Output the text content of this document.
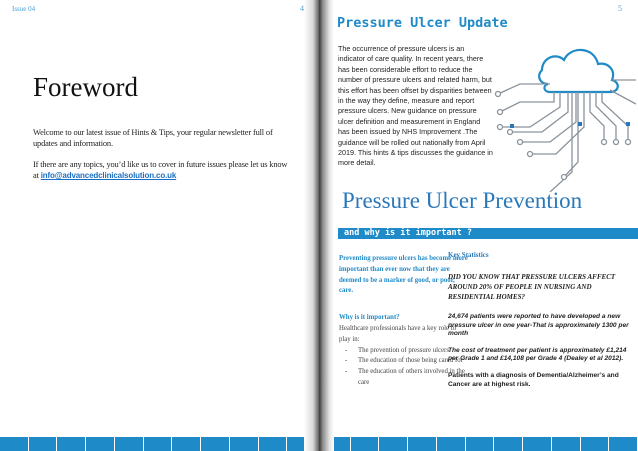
Issue 04	4
Foreword

Welcome to our latest issue of Hints & Tips, your regular newsletter full of updates and information.

If there are any topics, you’d like us to cover in future issues please let us know at info@advancedclinicalsolution.co.uk

5
Pressure Ulcer Update
The occurrence of pressure ulcers is an indicator of care quality. In recent years, there has been considerable effort to reduce the number of pressure ulcers and related harm, but this effort has been offset by disparities between in the way they define, measure and report pressure ulcers. New guidance on pressure ulcer definition and measurement in England has been issued by NHS Improvement .The guidance will be rolled out nationally from April 2019. This hints & tips discusses the guidance in more detail.
Pressure Ulcer Prevention
and why is it important ?
Preventing pressure ulcers has become more important than ever now that they are deemed to be a marker of good, or poor, care.
Why is it important?
Healthcare professionals have a key role to play in:
- The prevention of pressure ulcers
- The education of those being cared for
- The education of others involved in the care
Key Statistics
DID YOU KNOW THAT PRESSURE ULCERS AFFECT AROUND 20% OF PEOPLE IN NURSING AND RESIDENTIAL HOMES?
24,674 patients were reported to have developed a new pressure ulcer in one year-That is approximately 1300 per month
The cost of treatment per patient is approximately £1,214 per Grade 1 and £14,108 per Grade 4 (Dealey et al 2012).
Patients with a diagnosis of Dementia/Alzheimer’s and Cancer are at highest risk.
